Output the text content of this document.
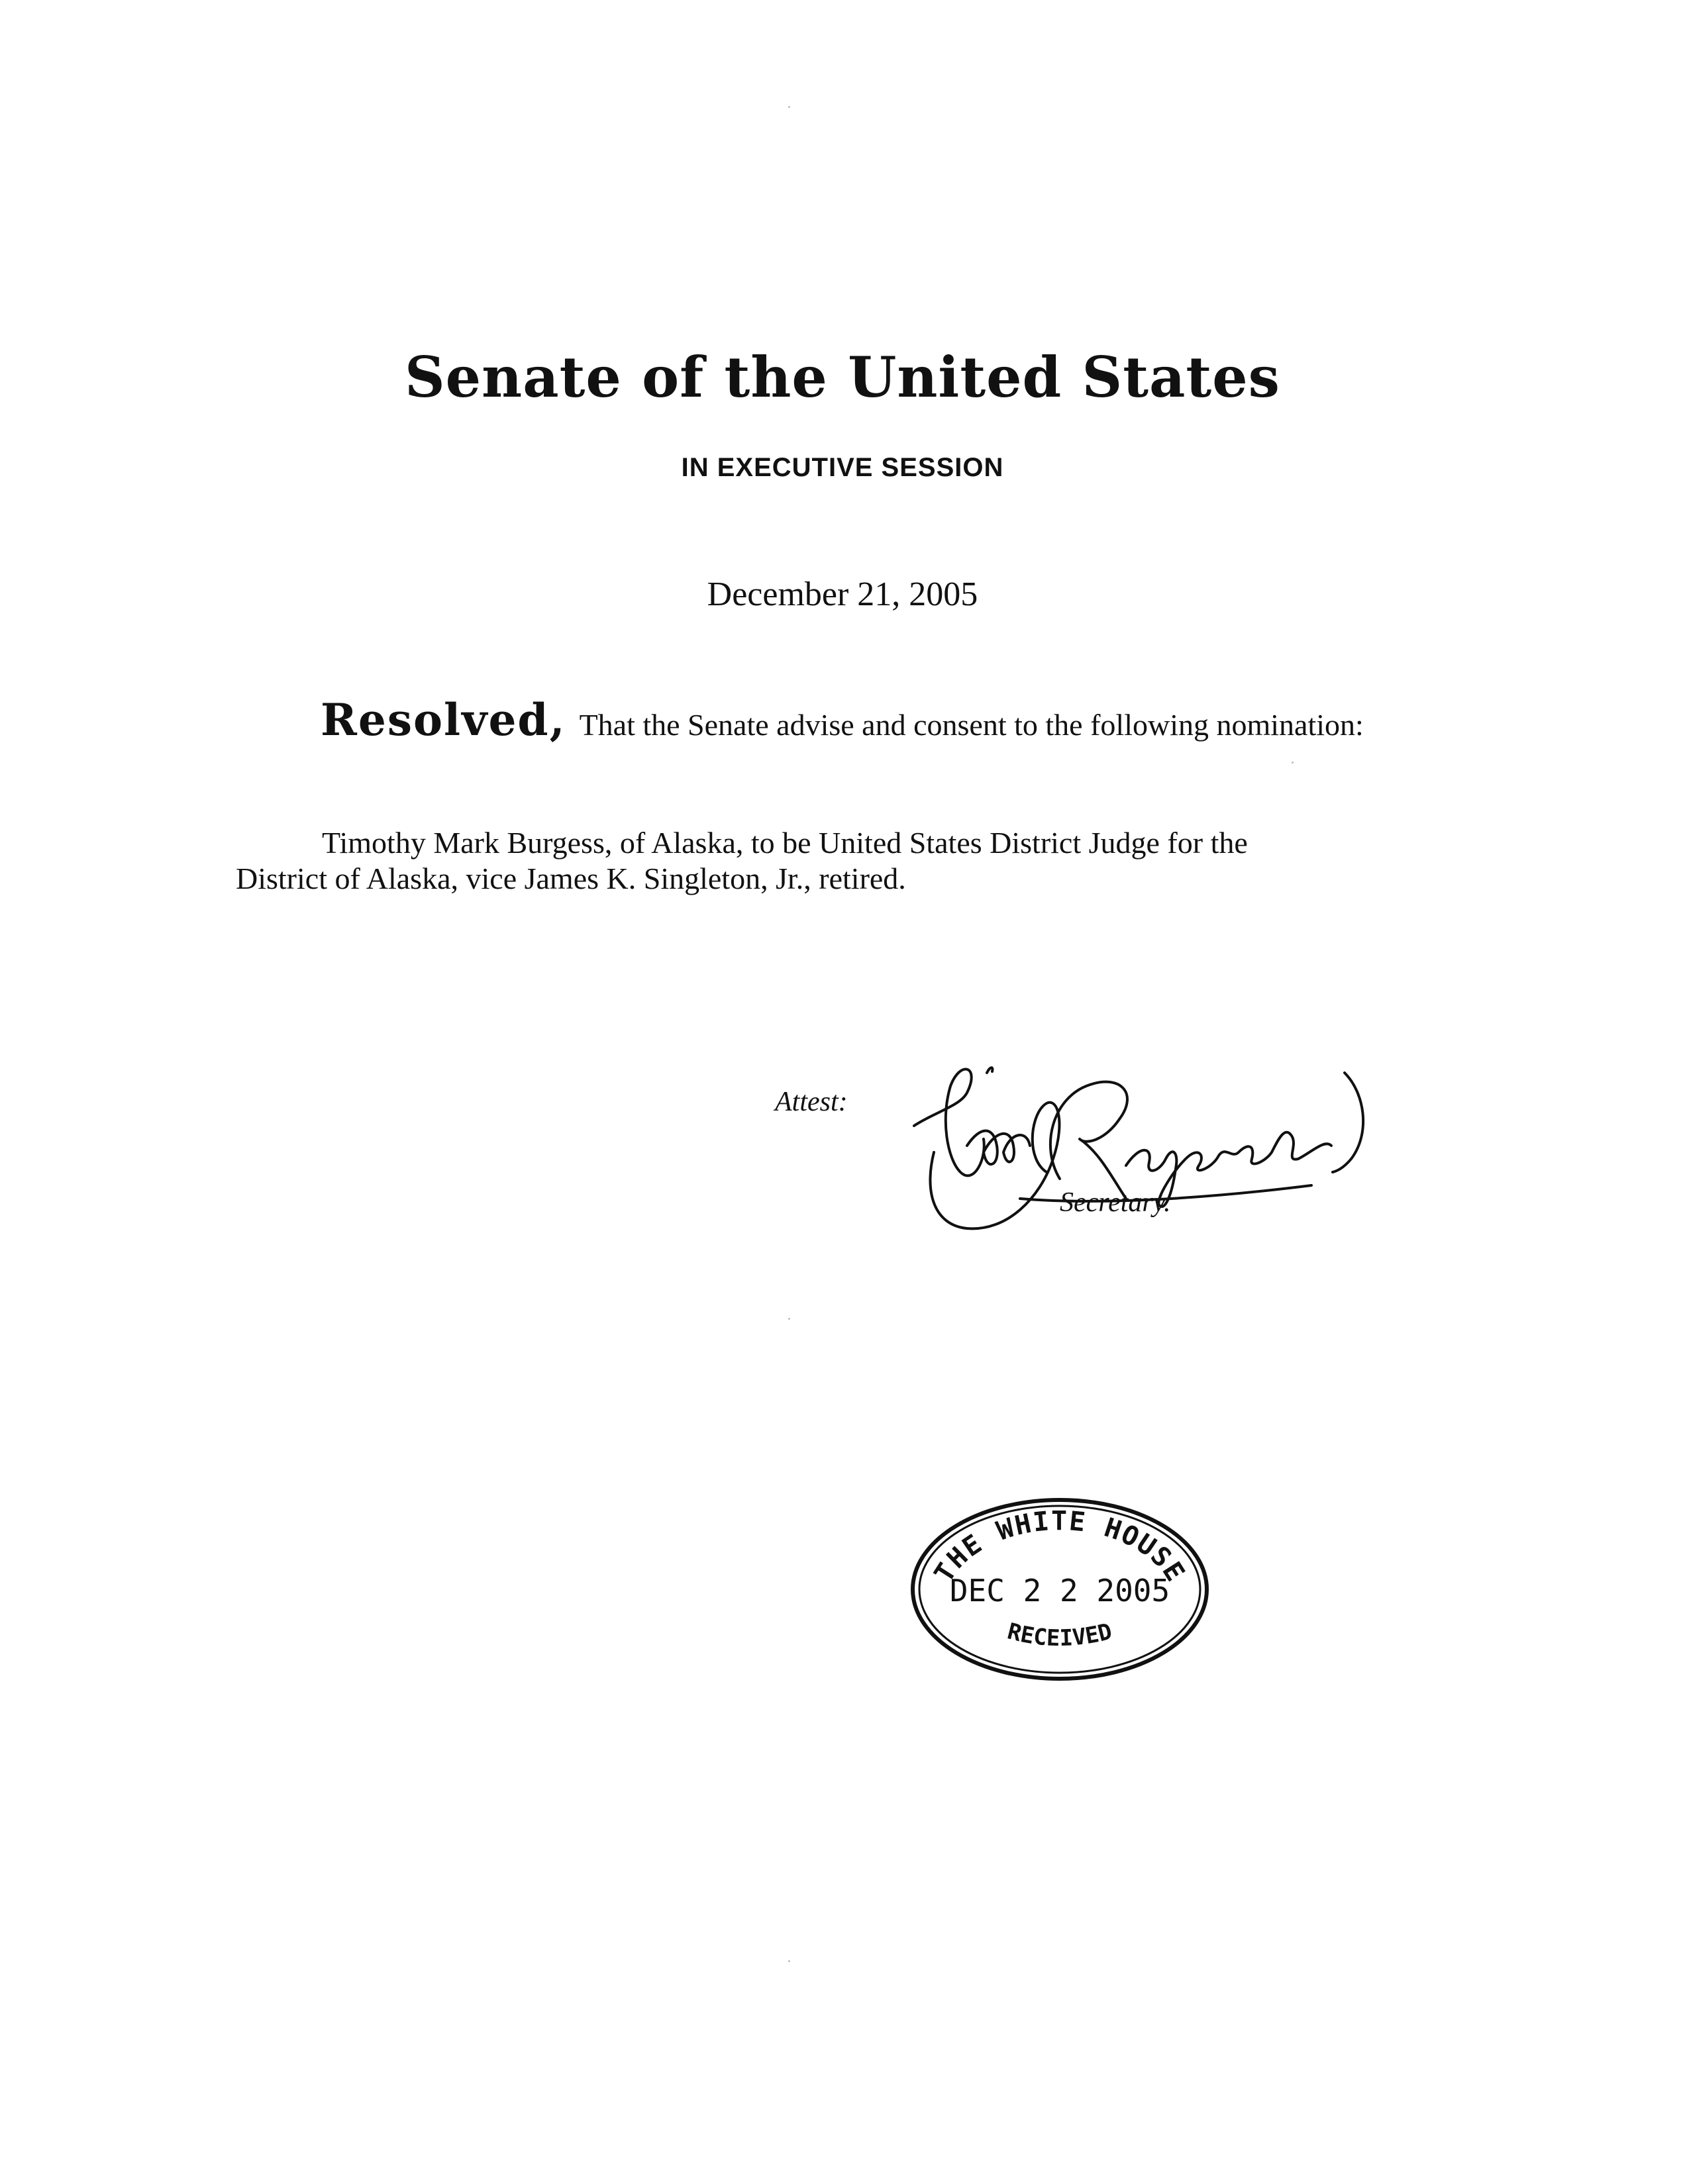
Senate of the United States
IN EXECUTIVE SESSION
December 21, 2005
Resolved, That the Senate advise and consent to the following nomination:
Timothy Mark Burgess, of Alaska, to be United States District Judge for the
District of Alaska, vice James K. Singleton, Jr., retired.
Attest:
Secretary.
THE WHITE HOUSE
DEC 2 2 2005
RECEIVED
